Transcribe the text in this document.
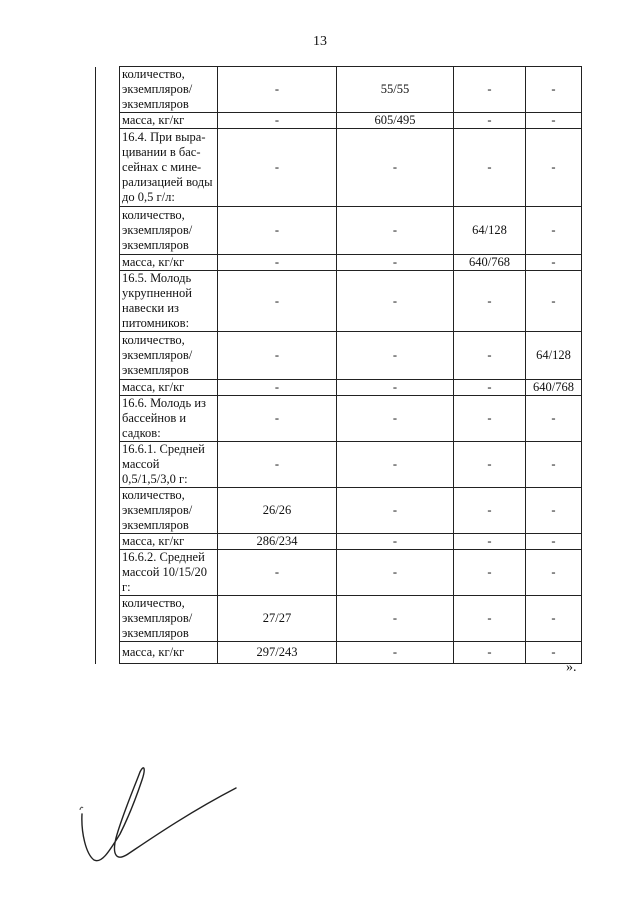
13
	количество, экземпляров/ экземпляров	-	55/55	-	-
	масса, кг/кг	-	605/495	-	-
	16.4. При выра-цивании в бас-сейнах с мине-рализацией воды до 0,5 г/л:	-	-	-	-
	количество, экземпляров/ экземпляров	-	-	64/128	-
	масса, кг/кг	-	-	640/768	-
	16.5. Молодь укрупненной навески из питомников:	-	-	-	-
	количество, экземпляров/ экземпляров	-	-	-	64/128
	масса, кг/кг	-	-	-	640/768
	16.6. Молодь из бассейнов и садков:	-	-	-	-
	16.6.1. Средней массой 0,5/1,5/3,0 г:	-	-	-	-
	количество, экземпляров/ экземпляров	26/26	-	-	-
	масса, кг/кг	286/234	-	-	-
	16.6.2. Средней массой 10/15/20 г:	-	-	-	-
	количество, экземпляров/ экземпляров	27/27	-	-	-
	масса, кг/кг	297/243	-	-	-
».
